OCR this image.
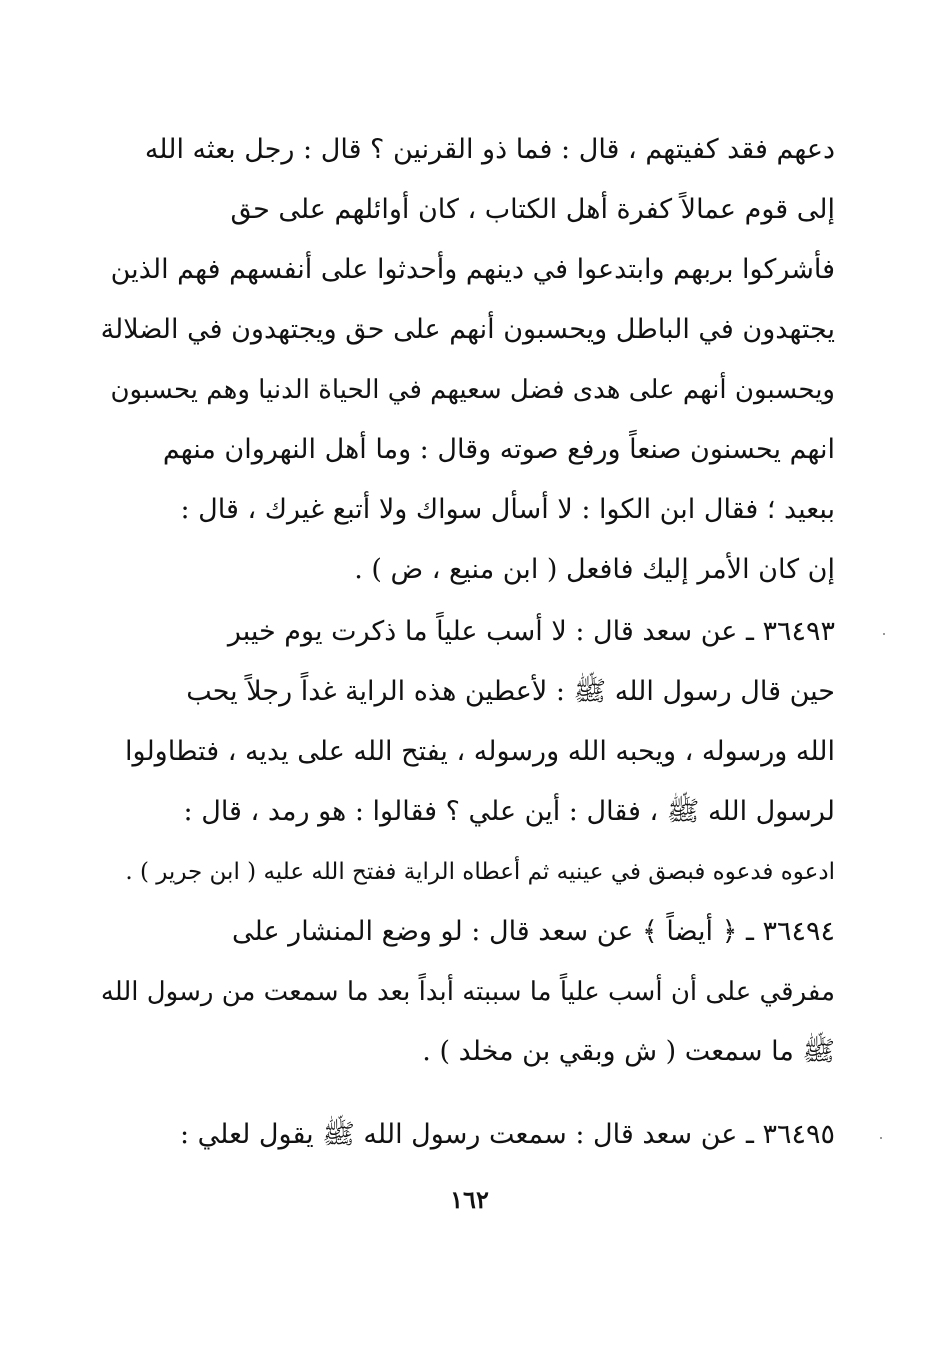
دعهم فقد كفيتهم ، قال : فما ذو القرنين ؟ قال : رجل بعثه الله
إلى قوم عمالاً كفرة أهل الكتاب ، كان أوائلهم على حق
فأشركوا بربهم وابتدعوا في دينهم وأحدثوا على أنفسهم فهم الذين
يجتهدون في الباطل ويحسبون أنهم على حق ويجتهدون في الضلالة
ويحسبون أنهم على هدى فضل سعيهم في الحياة الدنيا وهم يحسبون
انهم يحسنون صنعاً ورفع صوته وقال : وما أهل النهروان منهم
ببعيد ؛ فقال ابن الكوا : لا أسأل سواك ولا أتبع غيرك ، قال :
إن كان الأمر إليك فافعل ( ابن منيع ، ض ) .
٣٦٤٩٣ ـ عن سعد قال : لا أسب علياً ما ذكرت يوم خيبر
حين قال رسول الله ﷺ : لأعطين هذه الراية غداً رجلاً يحب
الله ورسوله ، ويحبه الله ورسوله ، يفتح الله على يديه ، فتطاولوا
لرسول الله ﷺ ، فقال : أين علي ؟ فقالوا : هو رمد ، قال :
ادعوه فدعوه فبصق في عينيه ثم أعطاه الراية ففتح الله عليه ( ابن جرير ) .
٣٦٤٩٤ ـ ﴿ أيضاً ﴾ عن سعد قال : لو وضع المنشار على
مفرقي على أن أسب علياً ما سببته أبداً بعد ما سمعت من رسول الله
ﷺ ما سمعت ( ش وبقي بن مخلد ) .
٣٦٤٩٥ ـ عن سعد قال : سمعت رسول الله ﷺ يقول لعلي :
١٦٢
